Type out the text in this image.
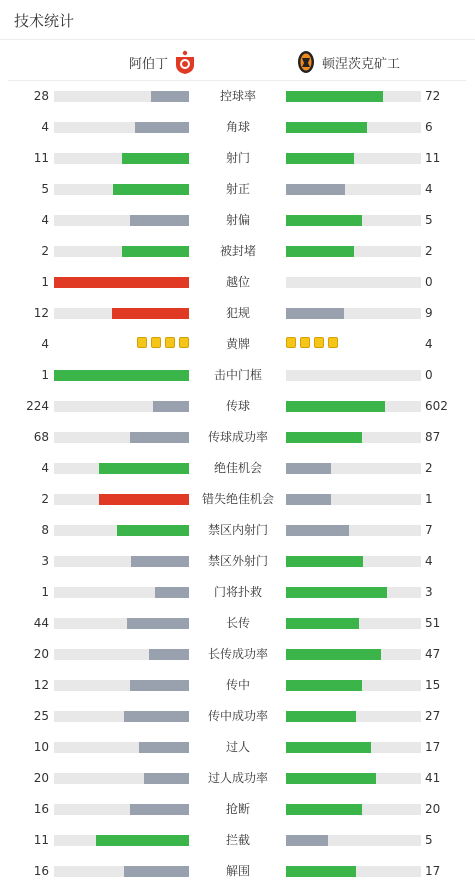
技术统计
阿伯丁	顿涅茨克矿工
28	控球率	72
4	角球	6
11	射门	11
5	射正	4
4	射偏	5
2	被封堵	2
1	越位	0
12	犯规	9
4	黄牌	4
1	击中门框	0
224	传球	602
68	传球成功率	87
4	绝佳机会	2
2	错失绝佳机会	1
8	禁区内射门	7
3	禁区外射门	4
1	门将扑救	3
44	长传	51
20	长传成功率	47
12	传中	15
25	传中成功率	27
10	过人	17
20	过人成功率	41
16	抢断	20
11	拦截	5
16	解围	17
